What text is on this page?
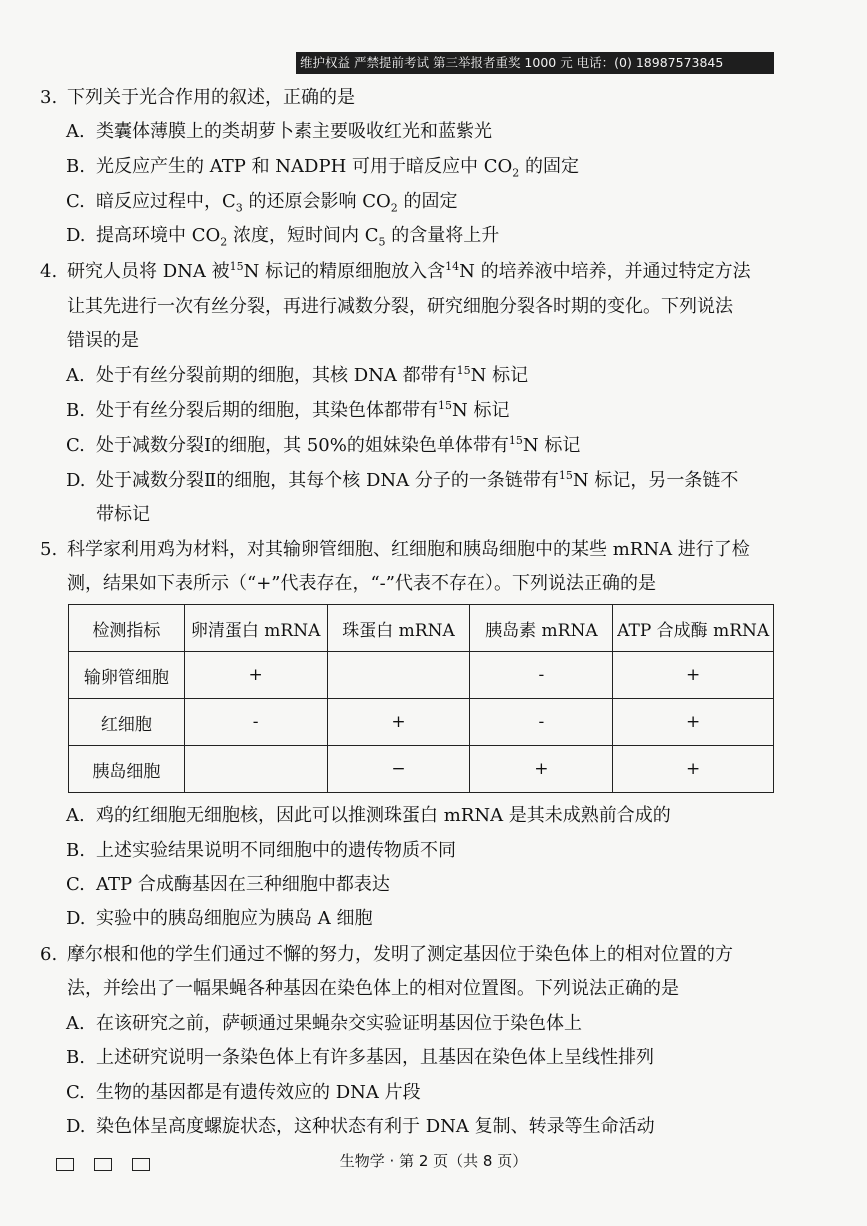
维护权益 严禁提前考试 第三举报者重奖 1000 元 电话：(0) 18987573845
3. 下列关于光合作用的叙述，正确的是
A. 类囊体薄膜上的类胡萝卜素主要吸收红光和蓝紫光
B. 光反应产生的 ATP 和 NADPH 可用于暗反应中 $CO_2$ 的固定
C. 暗反应过程中，$C_3$ 的还原会影响 $CO_2$ 的固定
D. 提高环境中 $CO_2$ 浓度，短时间内 $C_5$ 的含量将上升
4. 研究人员将 DNA 被$^{15}$N 标记的精原细胞放入含$^{14}$N 的培养液中培养，并通过特定方法
让其先进行一次有丝分裂，再进行减数分裂，研究细胞分裂各时期的变化。下列说法
错误的是
A. 处于有丝分裂前期的细胞，其核 DNA 都带有$^{15}$N 标记
B. 处于有丝分裂后期的细胞，其染色体都带有$^{15}$N 标记
C. 处于减数分裂Ⅰ的细胞，其 50%的姐妹染色单体带有$^{15}$N 标记
D. 处于减数分裂Ⅱ的细胞，其每个核 DNA 分子的一条链带有$^{15}$N 标记，另一条链不
带标记
5. 科学家利用鸡为材料，对其输卵管细胞、红细胞和胰岛细胞中的某些 mRNA 进行了检
测，结果如下表所示（“+”代表存在，“-”代表不存在）。下列说法正确的是
检测指标	卵清蛋白 mRNA	珠蛋白 mRNA	胰岛素 mRNA	ATP 合成酶 mRNA
输卵管细胞	+		-	+
红细胞	-	+	-	+
胰岛细胞		−	+	+
A. 鸡的红细胞无细胞核，因此可以推测珠蛋白 mRNA 是其未成熟前合成的
B. 上述实验结果说明不同细胞中的遗传物质不同
C. ATP 合成酶基因在三种细胞中都表达
D. 实验中的胰岛细胞应为胰岛 A 细胞
6. 摩尔根和他的学生们通过不懈的努力，发明了测定基因位于染色体上的相对位置的方
法，并绘出了一幅果蝇各种基因在染色体上的相对位置图。下列说法正确的是
A. 在该研究之前，萨顿通过果蝇杂交实验证明基因位于染色体上
B. 上述研究说明一条染色体上有许多基因，且基因在染色体上呈线性排列
C. 生物的基因都是有遗传效应的 DNA 片段
D. 染色体呈高度螺旋状态，这种状态有利于 DNA 复制、转录等生命活动
生物学 · 第 2 页（共 8 页）
